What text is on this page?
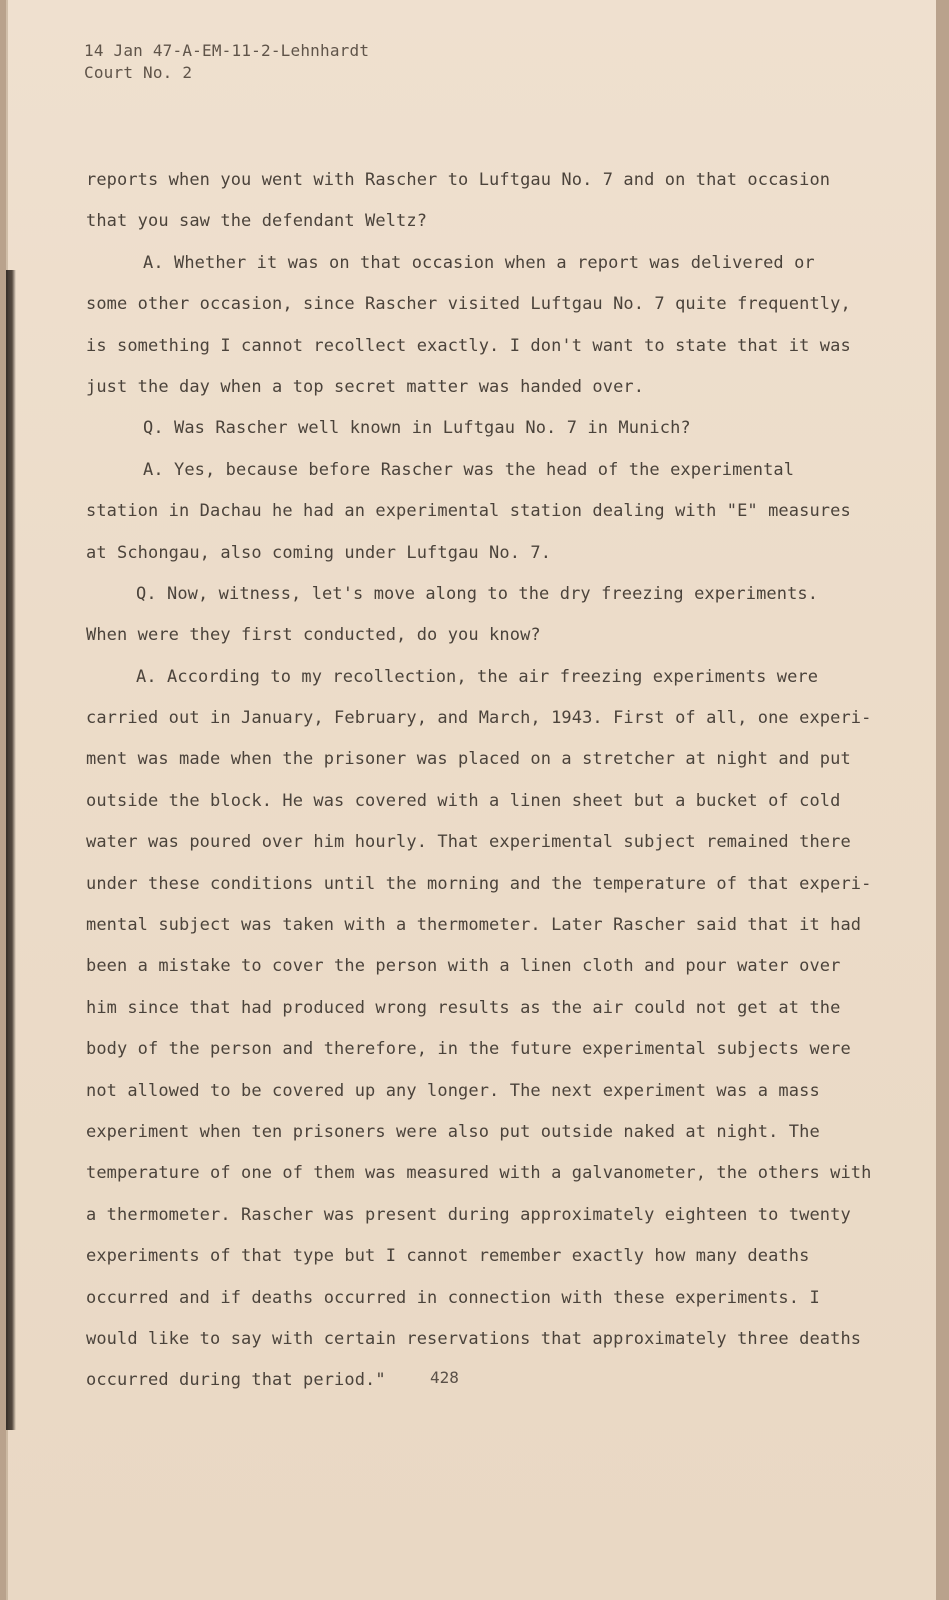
14 Jan 47-A-EM-11-2-Lehnhardt
Court No. 2
reports when you went with Rascher to Luftgau No. 7 and on that occasion
that you saw the defendant Weltz?
A. Whether it was on that occasion when a report was delivered or
some other occasion, since Rascher visited Luftgau No. 7 quite frequently,
is something I cannot recollect exactly. I don't want to state that it was
just the day when a top secret matter was handed over.
Q. Was Rascher well known in Luftgau No. 7 in Munich?
A. Yes, because before Rascher was the head of the experimental
station in Dachau he had an experimental station dealing with "E" measures
at Schongau, also coming under Luftgau No. 7.
Q. Now, witness, let's move along to the dry freezing experiments.
When were they first conducted, do you know?
A. According to my recollection, the air freezing experiments were
carried out in January, February, and March, 1943. First of all, one experi-
ment was made when the prisoner was placed on a stretcher at night and put
outside the block. He was covered with a linen sheet but a bucket of cold
water was poured over him hourly. That experimental subject remained there
under these conditions until the morning and the temperature of that experi-
mental subject was taken with a thermometer. Later Rascher said that it had
been a mistake to cover the person with a linen cloth and pour water over
him since that had produced wrong results as the air could not get at the
body of the person and therefore, in the future experimental subjects were
not allowed to be covered up any longer. The next experiment was a mass
experiment when ten prisoners were also put outside naked at night. The
temperature of one of them was measured with a galvanometer, the others with
a thermometer. Rascher was present during approximately eighteen to twenty
experiments of that type but I cannot remember exactly how many deaths
occurred and if deaths occurred in connection with these experiments. I
would like to say with certain reservations that approximately three deaths
occurred during that period."	428
